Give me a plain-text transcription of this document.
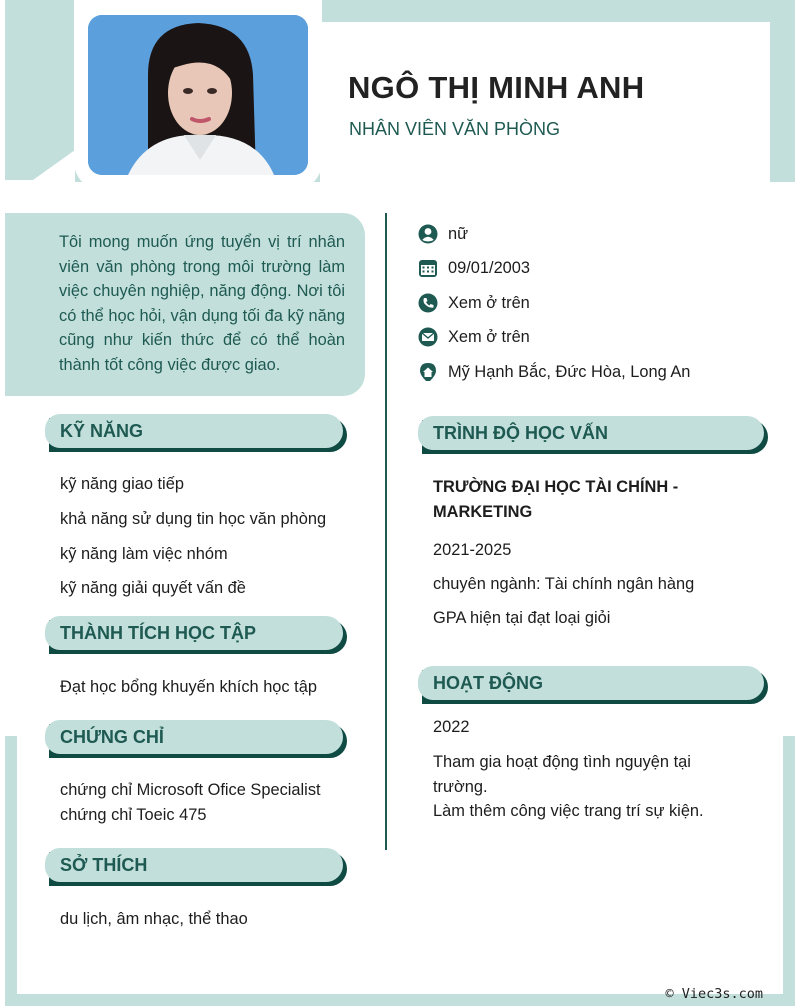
NGÔ THỊ MINH ANH
NHÂN VIÊN VĂN PHÒNG

Tôi mong muốn ứng tuyển vị trí nhân viên văn phòng trong môi trường làm việc chuyên nghiệp, năng động. Nơi tôi có thể học hỏi, vận dụng tối đa kỹ năng cũng như kiến thức để có thể hoàn thành tốt công việc được giao.

nữ
09/01/2003
Xem ở trên
Xem ở trên
Mỹ Hạnh Bắc, Đức Hòa, Long An
KỸ NĂNG
kỹ năng giao tiếp
khả năng sử dụng tin học văn phòng
kỹ năng làm việc nhóm
kỹ năng giải quyết vấn đề
THÀNH TÍCH HỌC TẬP
Đạt học bổng khuyến khích học tập
CHỨNG CHỈ
chứng chỉ Microsoft Ofice Specialist
chứng chỉ Toeic 475
SỞ THÍCH
du lịch, âm nhạc, thể thao
TRÌNH ĐỘ HỌC VẤN
TRƯỜNG ĐẠI HỌC TÀI CHÍNH -
MARKETING
2021-2025
chuyên ngành: Tài chính ngân hàng
GPA hiện tại đạt loại giỏi
HOẠT ĐỘNG
2022
Tham gia hoạt động tình nguyện tại
trường.
Làm thêm công việc trang trí sự kiện.
© Viec3s.com
